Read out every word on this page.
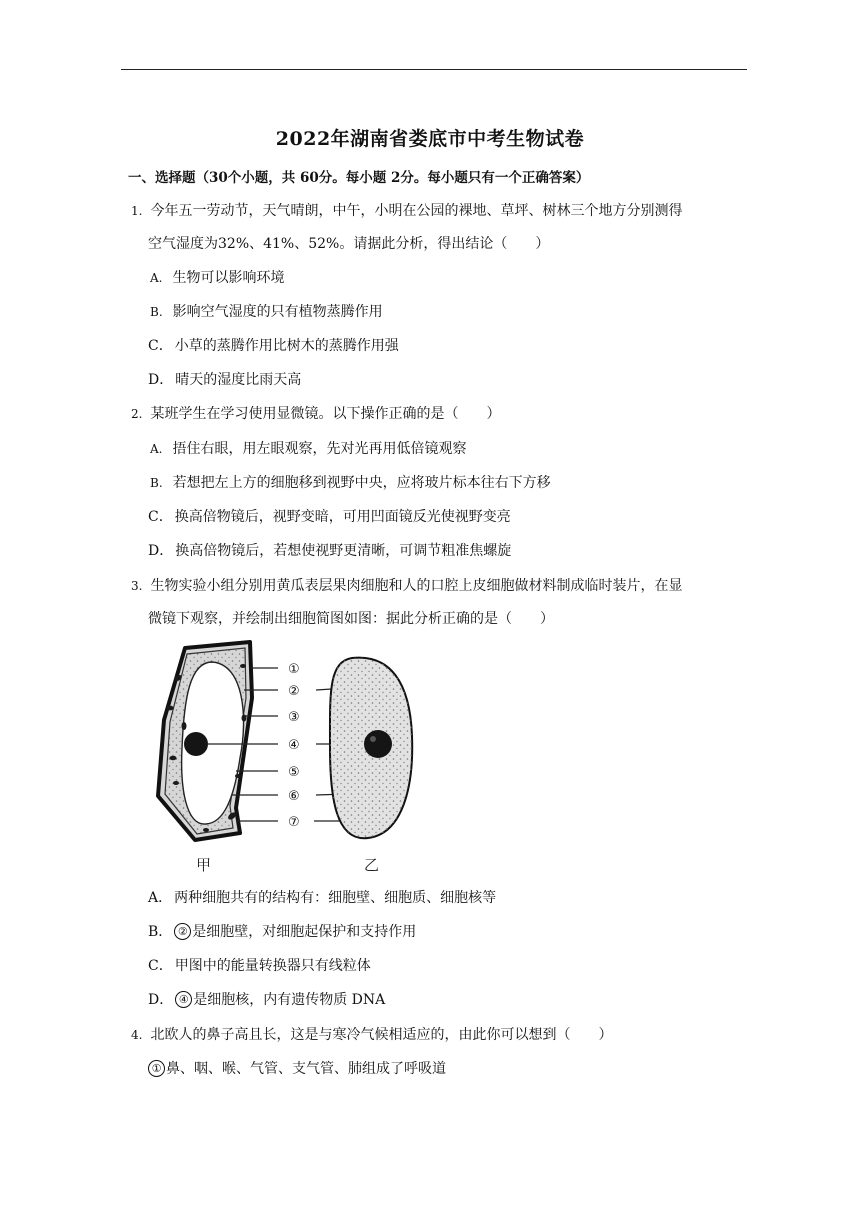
2022年湖南省娄底市中考生物试卷
一、选择题（30个小题，共 60分。每小题 2分。每小题只有一个正确答案）
1. 今年五一劳动节，天气晴朗，中午，小明在公园的裸地、草坪、树林三个地方分别测得
空气湿度为32%、41%、52%。请据此分析，得出结论（　　）
A. 生物可以影响环境
B. 影响空气湿度的只有植物蒸腾作用
C． 小草的蒸腾作用比树木的蒸腾作用强
D． 晴天的湿度比雨天高
2. 某班学生在学习使用显微镜。以下操作正确的是（　　）
A. 捂住右眼，用左眼观察，先对光再用低倍镜观察
B. 若想把左上方的细胞移到视野中央，应将玻片标本往右下方移
C． 换高倍物镜后，视野变暗，可用凹面镜反光使视野变亮
D． 换高倍物镜后，若想使视野更清晰，可调节粗准焦螺旋
3. 生物实验小组分别用黄瓜表层果肉细胞和人的口腔上皮细胞做材料制成临时装片，在显
微镜下观察，并绘制出细胞简图如图：据此分析正确的是（　　）
①
②
③
④
⑤
⑥
⑦
甲	乙
A． 两种细胞共有的结构有：细胞壁、细胞质、细胞核等
B． ② 是细胞壁，对细胞起保护和支持作用
C． 甲图中的能量转换器只有线粒体
D． ④ 是细胞核，内有遗传物质 DNA
4. 北欧人的鼻子高且长，这是与寒冷气候相适应的，由此你可以想到（　　）
① 鼻、咽、喉、气管、支气管、肺组成了呼吸道
